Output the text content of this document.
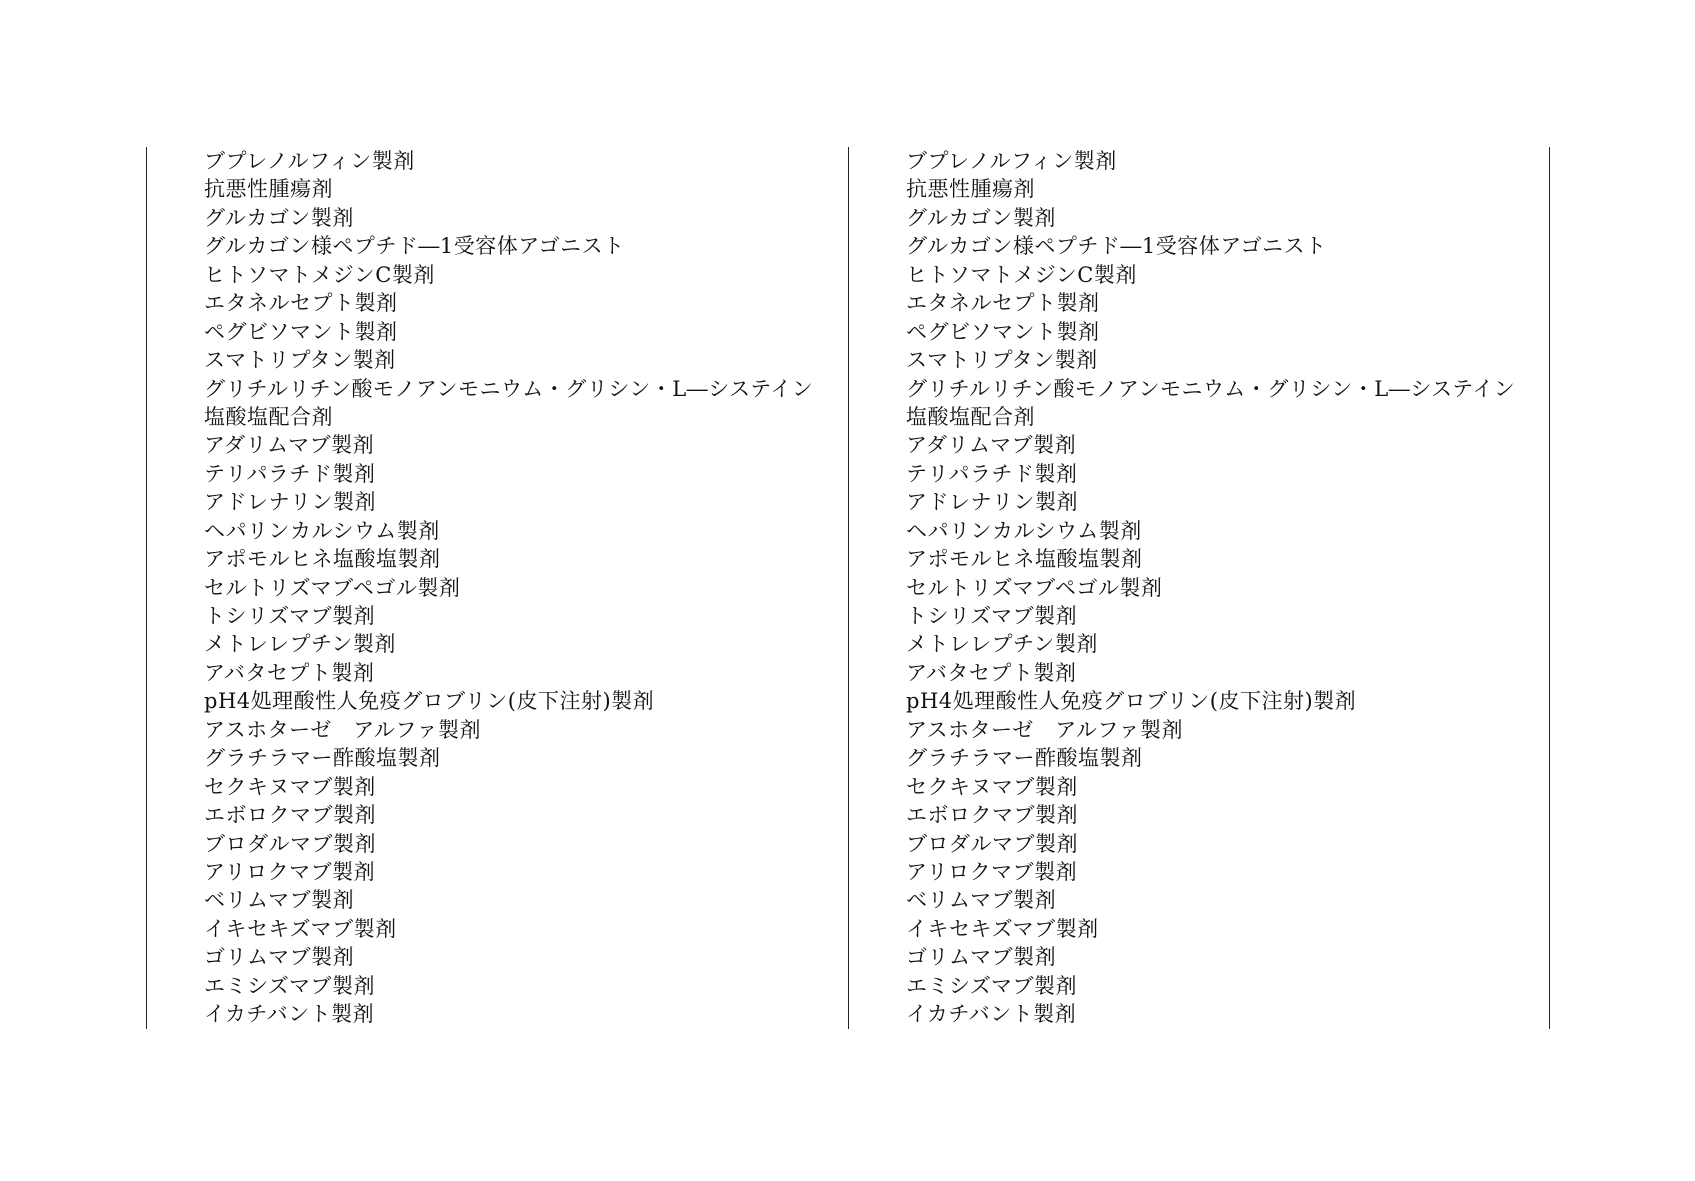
ブプレノルフィン製剤
抗悪性腫瘍剤
グルカゴン製剤
グルカゴン様ペプチド―1受容体アゴニスト
ヒトソマトメジンC製剤
エタネルセプト製剤
ペグビソマント製剤
スマトリプタン製剤
グリチルリチン酸モノアンモニウム・グリシン・L―システイン
塩酸塩配合剤
アダリムマブ製剤
テリパラチド製剤
アドレナリン製剤
ヘパリンカルシウム製剤
アポモルヒネ塩酸塩製剤
セルトリズマブペゴル製剤
トシリズマブ製剤
メトレレプチン製剤
アバタセプト製剤
pH4処理酸性人免疫グロブリン(皮下注射)製剤
アスホターゼ　アルファ製剤
グラチラマー酢酸塩製剤
セクキヌマブ製剤
エボロクマブ製剤
ブロダルマブ製剤
アリロクマブ製剤
ベリムマブ製剤
イキセキズマブ製剤
ゴリムマブ製剤
エミシズマブ製剤
イカチバント製剤
ブプレノルフィン製剤
抗悪性腫瘍剤
グルカゴン製剤
グルカゴン様ペプチド―1受容体アゴニスト
ヒトソマトメジンC製剤
エタネルセプト製剤
ペグビソマント製剤
スマトリプタン製剤
グリチルリチン酸モノアンモニウム・グリシン・L―システイン
塩酸塩配合剤
アダリムマブ製剤
テリパラチド製剤
アドレナリン製剤
ヘパリンカルシウム製剤
アポモルヒネ塩酸塩製剤
セルトリズマブペゴル製剤
トシリズマブ製剤
メトレレプチン製剤
アバタセプト製剤
pH4処理酸性人免疫グロブリン(皮下注射)製剤
アスホターゼ　アルファ製剤
グラチラマー酢酸塩製剤
セクキヌマブ製剤
エボロクマブ製剤
ブロダルマブ製剤
アリロクマブ製剤
ベリムマブ製剤
イキセキズマブ製剤
ゴリムマブ製剤
エミシズマブ製剤
イカチバント製剤
